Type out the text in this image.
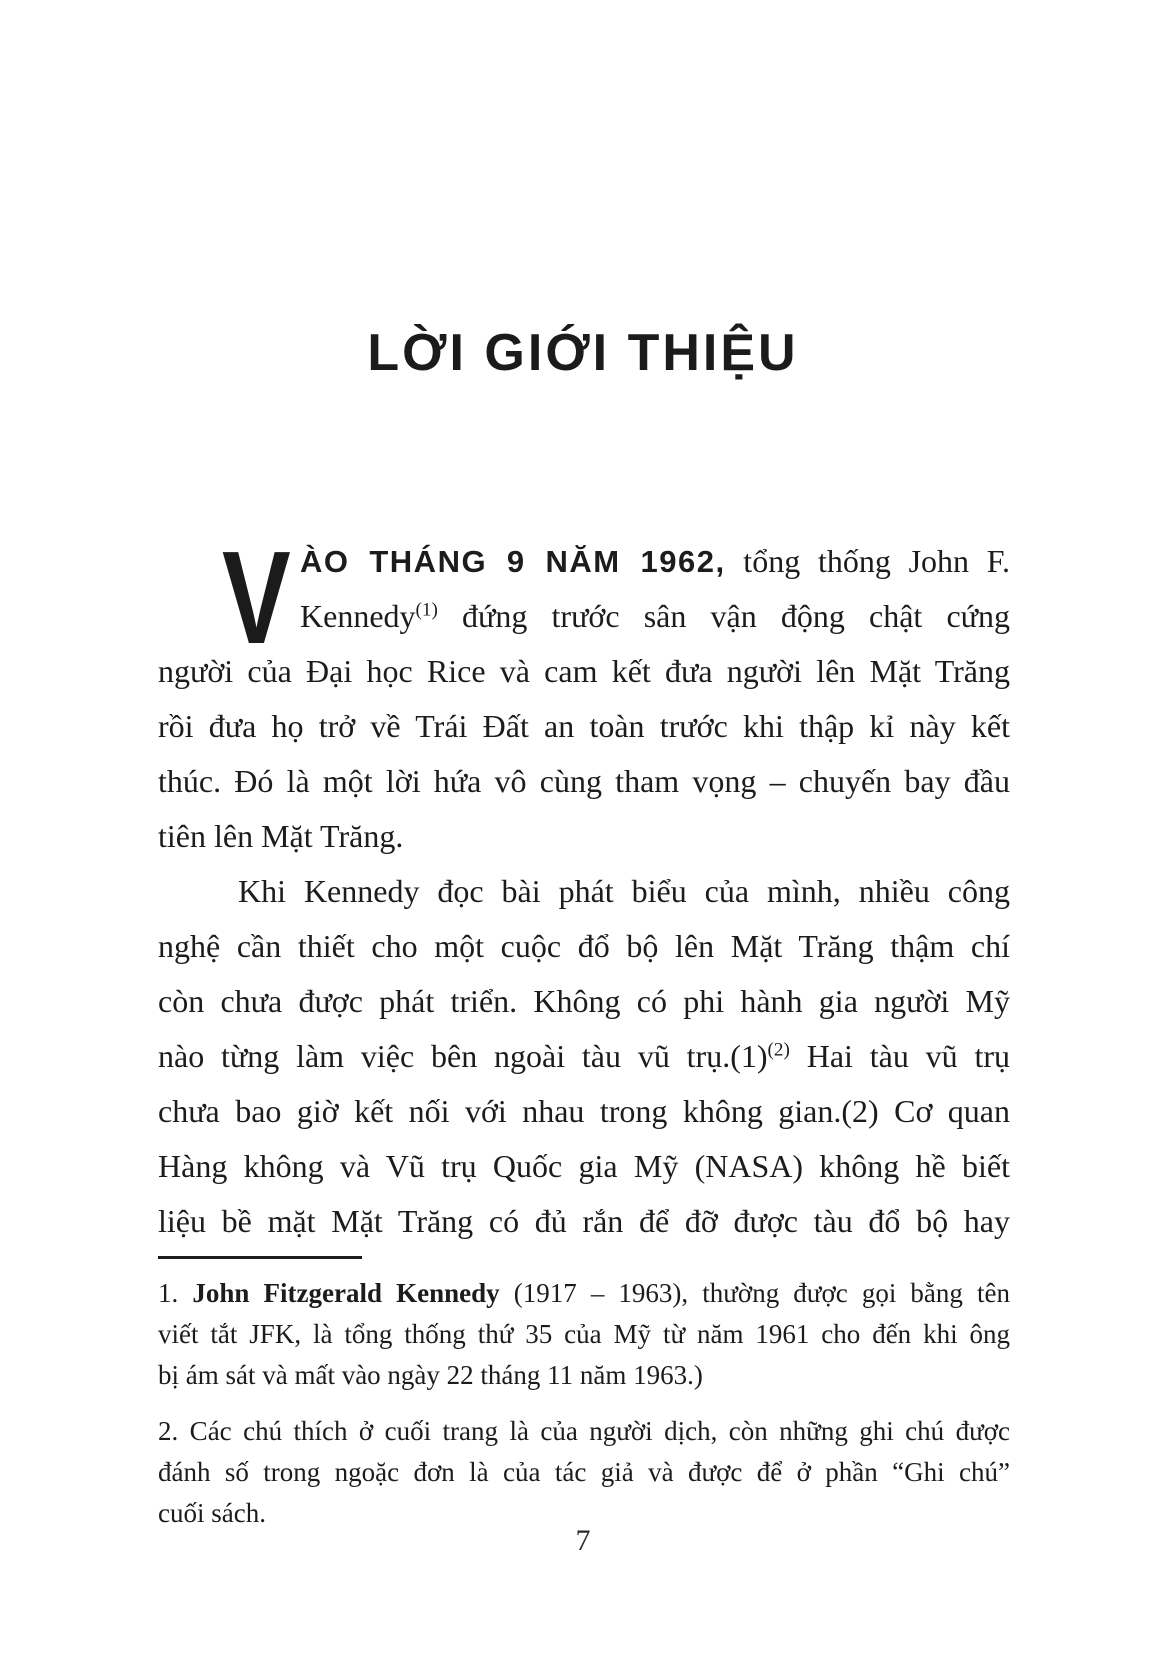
LỜI GIỚI THIỆU
V ÀO THÁNG 9 NĂM 1962, tổng thống John F.
Kennedy$^{(1)}$ đứng trước sân vận động chật cứng
người của Đại học Rice và cam kết đưa người lên Mặt Trăng
rồi đưa họ trở về Trái Đất an toàn trước khi thập kỉ này kết
thúc. Đó là một lời hứa vô cùng tham vọng – chuyến bay đầu
tiên lên Mặt Trăng.
Khi Kennedy đọc bài phát biểu của mình, nhiều công
nghệ cần thiết cho một cuộc đổ bộ lên Mặt Trăng thậm chí
còn chưa được phát triển. Không có phi hành gia người Mỹ
nào từng làm việc bên ngoài tàu vũ $trụ.(1)^{(2)}$ Hai tàu vũ trụ
chưa bao giờ kết nối với nhau trong không gian.(2) Cơ quan
Hàng không và Vũ trụ Quốc gia Mỹ (NASA) không hề biết
liệu bề mặt Mặt Trăng có đủ rắn để đỡ được tàu đổ bộ hay
1. John Fitzgerald Kennedy (1917 – 1963), thường được gọi bằng tên
viết tắt JFK, là tổng thống thứ 35 của Mỹ từ năm 1961 cho đến khi ông
bị ám sát và mất vào ngày 22 tháng 11 năm 1963.)
2. Các chú thích ở cuối trang là của người dịch, còn những ghi chú được
đánh số trong ngoặc đơn là của tác giả và được để ở phần “Ghi chú”
cuối sách.
7
